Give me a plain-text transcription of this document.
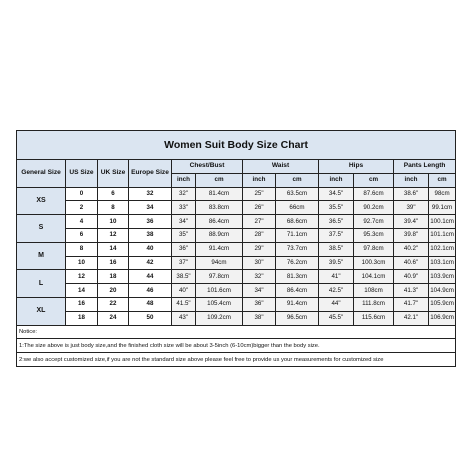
Women Suit Body Size Chart											
General Size	US Size	UK Size	Europe Size	Chest/Bust		Waist		Hips		Pants Length	
				inch	cm	inch	cm	inch	cm	inch	cm
XS	0	6	32	32"	81.4cm	25"	63.5cm	34.5"	87.6cm	38.6"	98cm
	2	8	34	33"	83.8cm	26"	66cm	35.5"	90.2cm	39"	99.1cm
S	4	10	36	34"	86.4cm	27"	68.6cm	36.5"	92.7cm	39.4"	100.1cm
	6	12	38	35"	88.9cm	28"	71.1cm	37.5"	95.3cm	39.8"	101.1cm
M	8	14	40	36"	91.4cm	29"	73.7cm	38.5"	97.8cm	40.2"	102.1cm
	10	16	42	37"	94cm	30"	76.2cm	39.5"	100.3cm	40.6"	103.1cm
L	12	18	44	38.5"	97.8cm	32"	81.3cm	41"	104.1cm	40.9"	103.9cm
	14	20	46	40"	101.6cm	34"	86.4cm	42.5"	108cm	41.3"	104.9cm
XL	16	22	48	41.5"	105.4cm	36"	91.4cm	44"	111.8cm	41.7"	105.9cm
	18	24	50	43"	109.2cm	38"	96.5cm	45.5"	115.6cm	42.1"	106.9cm
Notice:											
1:The size above is just body size,and the finished cloth size will be about 3-5inch (6-10cm)bigger than the body size.											
2:we also accept customized size,if you are not the standard size above please feel free to provide us your measurements for customized size											
